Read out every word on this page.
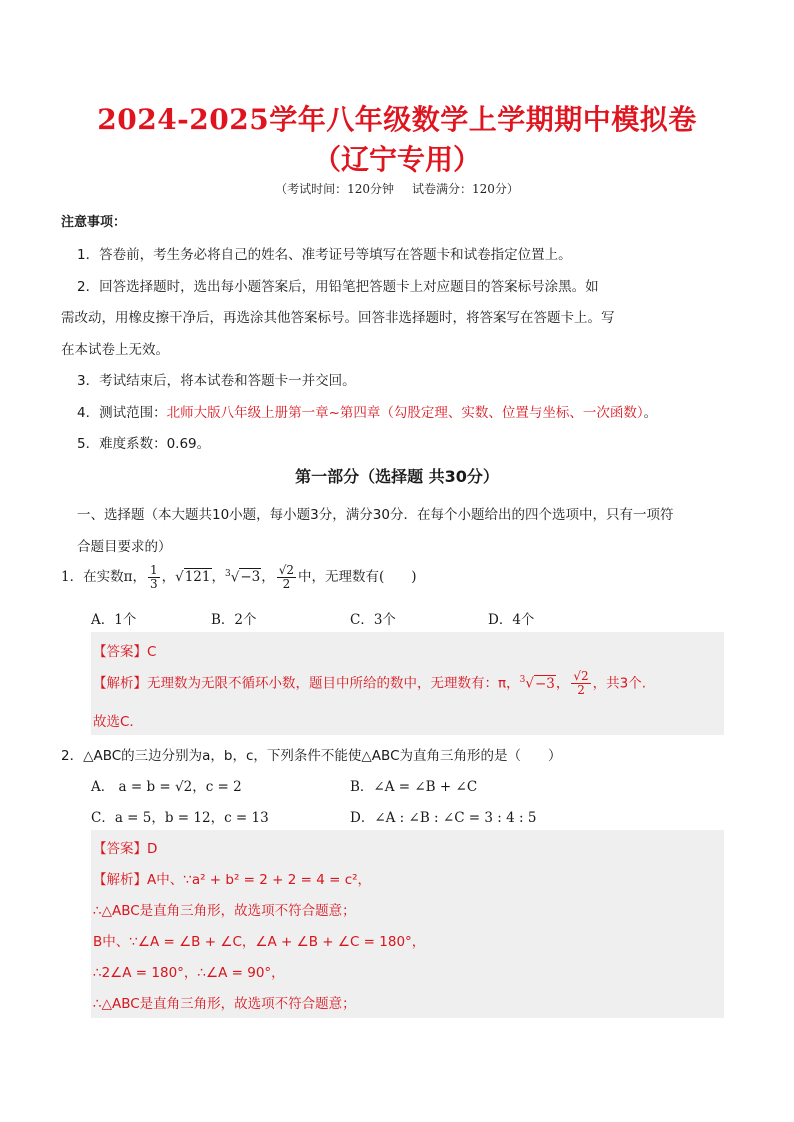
2024-2025学年八年级数学上学期期中模拟卷
（辽宁专用）
（考试时间：120分钟 试卷满分：120分）
注意事项：
1．答卷前，考生务必将自己的姓名、准考证号等填写在答题卡和试卷指定位置上。
2．回答选择题时，选出每小题答案后，用铅笔把答题卡上对应题目的答案标号涂黑。如
需改动，用橡皮擦干净后，再选涂其他答案标号。回答非选择题时，将答案写在答题卡上。写
在本试卷上无效。
3．考试结束后，将本试卷和答题卡一并交回。
4．测试范围：北师大版八年级上册第一章~第四章（勾股定理、实数、位置与坐标、一次函数）。
5．难度系数：0.69。
第一部分（选择题 共30分）
一、选择题（本大题共10小题，每小题3分，满分30分．在每个小题给出的四个选项中，只有一项符
合题目要求的）
1．在实数π， $\frac{1}{3}$ ，√121，$^3$√−3， $\frac{√2}{2}$ 中，无理数有(　　)
A．1个	B．2个	C．3个	D．4个
【答案】C
【解析】无理数为无限不循环小数，题目中所给的数中，无理数有：π，$^3$√−3， $\frac{√2}{2}$ ，共3个.
故选C.
2．△ABC的三边分别为a，b，c，下列条件不能使△ABC为直角三角形的是（　　）
A． a = b = √2，c = 2	B．∠A = ∠B + ∠C
C．a = 5，b = 12，c = 13	D．∠A : ∠B : ∠C = 3 : 4 : 5
【答案】D
【解析】A中、∵a² + b² = 2 + 2 = 4 = c²，
∴△ABC是直角三角形，故选项不符合题意；
B中、∵∠A = ∠B + ∠C，∠A + ∠B + ∠C = 180°，
∴2∠A = 180°，∴∠A = 90°，
∴△ABC是直角三角形，故选项不符合题意；
